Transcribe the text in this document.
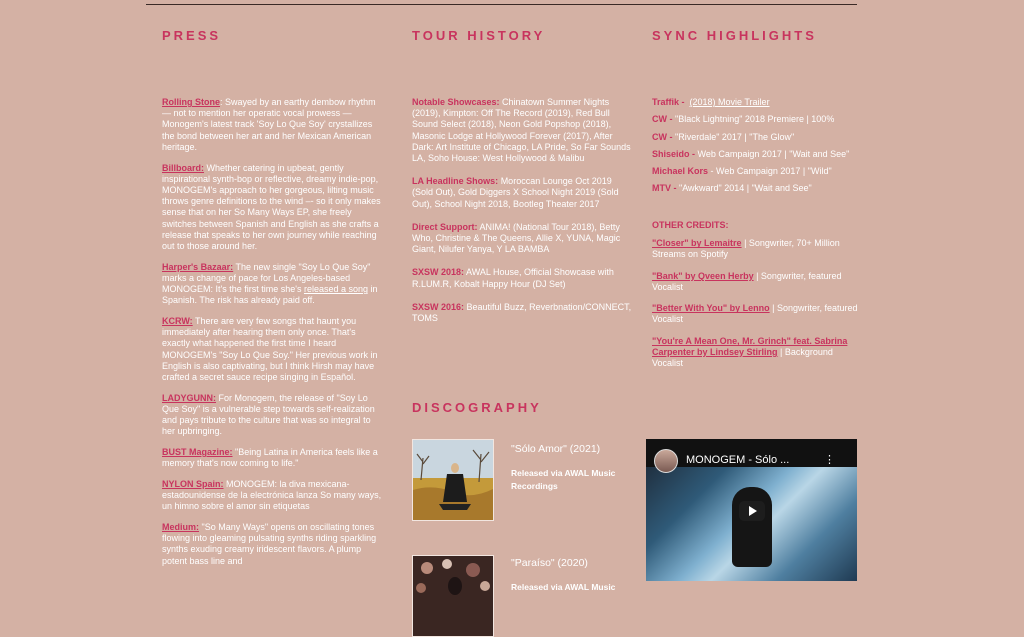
PRESS

Rolling Stone: Swayed by an earthy dembow rhythm — not to mention her operatic vocal prowess — Monogem's latest track 'Soy Lo Que Soy' crystallizes the bond between her art and her Mexican American heritage.

Billboard: Whether catering in upbeat, gently inspirational synth-bop or reflective, dreamy indie-pop, MONOGEM's approach to her gorgeous, lilting music throws genre definitions to the wind –- so it only makes sense that on her So Many Ways EP, she freely switches between Spanish and English as she crafts a release that speaks to her own journey while reaching out to those around her.

Harper's Bazaar: The new single "Soy Lo Que Soy" marks a change of pace for Los Angeles-based MONOGEM: It's the first time she's released a song in Spanish. The risk has already paid off.

KCRW: There are very few songs that haunt you immediately after hearing them only once. That's exactly what happened the first time I heard MONOGEM's "Soy Lo Que Soy." Her previous work in English is also captivating, but I think Hirsh may have crafted a secret sauce recipe singing in Español.

LADYGUNN: For Monogem, the release of "Soy Lo Que Soy" is a vulnerable step towards self-realization and pays tribute to the culture that was so integral to her upbringing.

BUST Magazine: "Being Latina in America feels like a memory that's now coming to life."

NYLON Spain: MONOGEM: la diva mexicana-estadounidense de la electrónica lanza So many ways, un himno sobre el amor sin etiquetas

Medium: "So Many Ways" opens on oscillating tones flowing into gleaming pulsating synths riding sparkling synths exuding creamy iridescent flavors. A plump potent bass line and

TOUR HISTORY

Notable Showcases: Chinatown Summer Nights (2019), Kimpton: Off The Record (2019), Red Bull Sound Select (2018), Neon Gold Popshop (2018), Masonic Lodge at Hollywood Forever (2017), After Dark: Art Institute of Chicago, LA Pride, So Far Sounds LA, Soho House: West Hollywood & Malibu

LA Headline Shows: Moroccan Lounge Oct 2019 (Sold Out), Gold Diggers X School Night 2019 (Sold Out), School Night 2018, Bootleg Theater 2017

Direct Support: ANIMA! (National Tour 2018), Betty Who, Christine & The Queens, Allie X, YUNA, Magic Giant, Nilufer Yanya, Y LA BAMBA

SXSW 2018: AWAL House, Official Showcase with R.LUM.R, Kobalt Happy Hour (DJ Set)

SXSW 2016: Beautiful Buzz, Reverbnation/CONNECT, TOMS

SYNC HIGHLIGHTS

Traffik - (2018) Movie Trailer

CW - "Black Lightning" 2018 Premiere | 100%

CW - "Riverdale" 2017 | "The Glow"

Shiseido - Web Campaign 2017 | "Wait and See"

Michael Kors - Web Campaign 2017 | "Wild"

MTV - "Awkward" 2014 | "Wait and See"

OTHER CREDITS:

"Closer" by Lemaitre | Songwriter, 70+ Million Streams on Spotify

"Bank" by Qveen Herby | Songwriter, featured Vocalist

"Better With You" by Lenno | Songwriter, featured Vocalist

"You're A Mean One, Mr. Grinch" feat. Sabrina Carpenter by Lindsey Stirling | Background Vocalist

DISCOGRAPHY
"Sólo Amor" (2021)
Released via AWAL Music Recordings
"Paraíso" (2020)
Released via AWAL Music
MONOGEM - Sólo ...	⋮
